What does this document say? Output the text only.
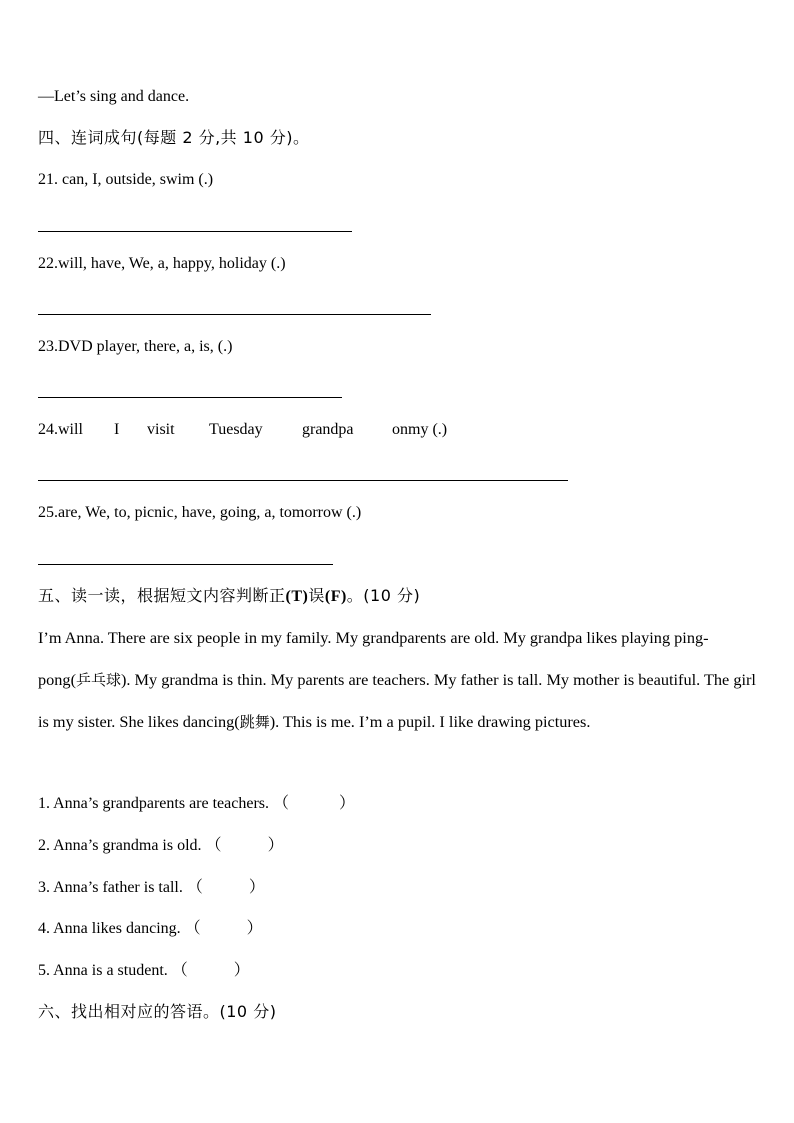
—Let’s sing and dance.
四、连词成句(每题 2 分,共 10 分)。
21. can, I, outside, swim (.)
22.will, have, We, a, happy, holiday (.)
23.DVD player, there, a, is, (.)
24.will I visit Tuesday grandpa onmy (.)
25.are, We, to, picnic, have, going, a, tomorrow (.)
五、读一读，根据短文内容判断正(T)误(F)。(10 分)
I’m Anna. There are six people in my family. My grandparents are old. My grandpa likes playing ping-pong(乒乓球). My grandma is thin. My parents are teachers. My father is tall. My mother is beautiful. The girl is my sister. She likes dancing(跳舞). This is me. I’m a pupil. I like drawing pictures.
1. Anna’s grandparents are teachers. （	）
2. Anna’s grandma is old. （	）
3. Anna’s father is tall. （	）
4. Anna likes dancing. （	）
5. Anna is a student. （	）
六、找出相对应的答语。(10 分)
